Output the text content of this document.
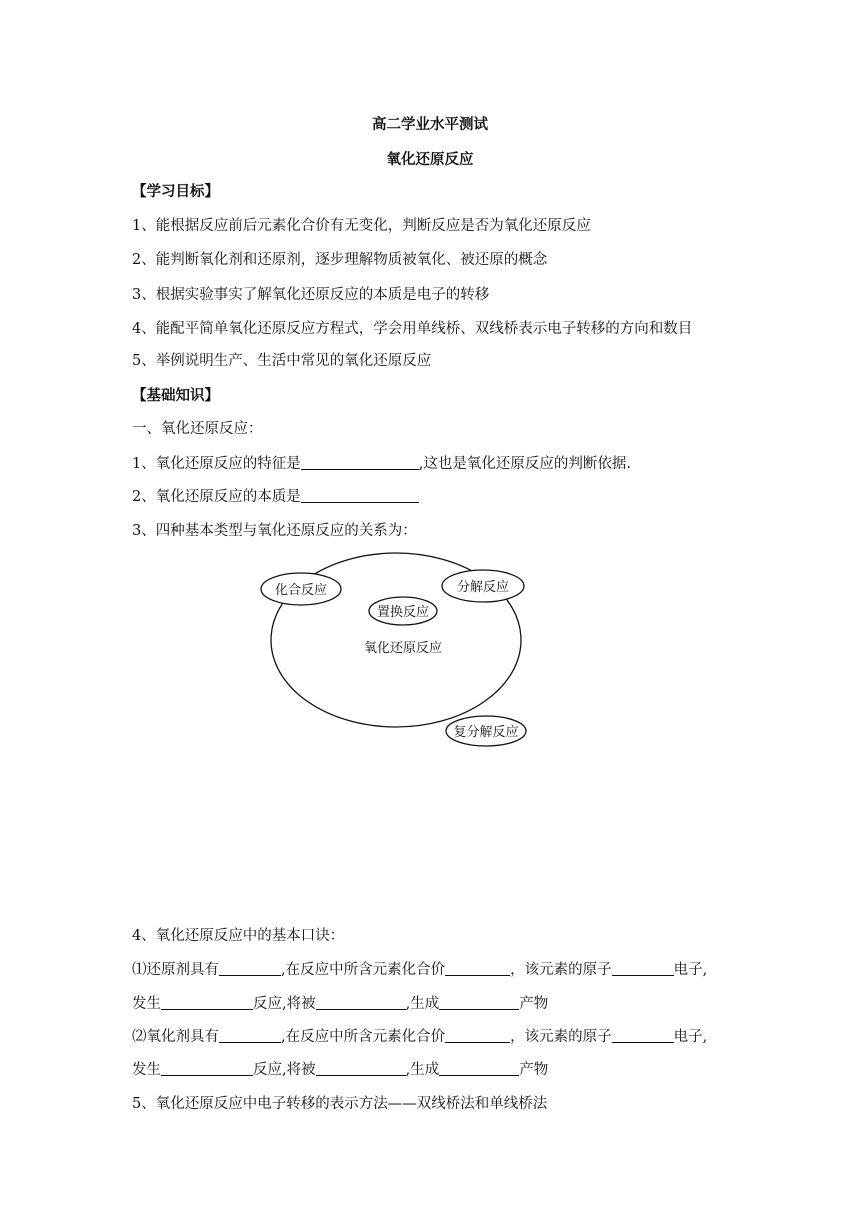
高二学业水平测试
氧化还原反应
【学习目标】
1、能根据反应前后元素化合价有无变化，判断反应是否为氧化还原反应
2、能判断氧化剂和还原剂，逐步理解物质被氧化、被还原的概念
3、根据实验事实了解氧化还原反应的本质是电子的转移
4、能配平简单氧化还原反应方程式，学会用单线桥、双线桥表示电子转移的方向和数目
5、举例说明生产、生活中常见的氧化还原反应
【基础知识】
一、氧化还原反应：
1、氧化还原反应的特征是	,这也是氧化还原反应的判断依据.
2、氧化还原反应的本质是
3、四种基本类型与氧化还原反应的关系为：
化合反应	分解反应
置换反应
氧化还原反应
复分解反应
4、氧化还原反应中的基本口诀：
⑴还原剂具有	,在反应中所含元素化合价	，该元素的原子	电子,
发生	反应,将被	,生成	产物
⑵氧化剂具有	,在反应中所含元素化合价	，该元素的原子	电子,
发生	反应,将被	,生成	产物
5、氧化还原反应中电子转移的表示方法——双线桥法和单线桥法
